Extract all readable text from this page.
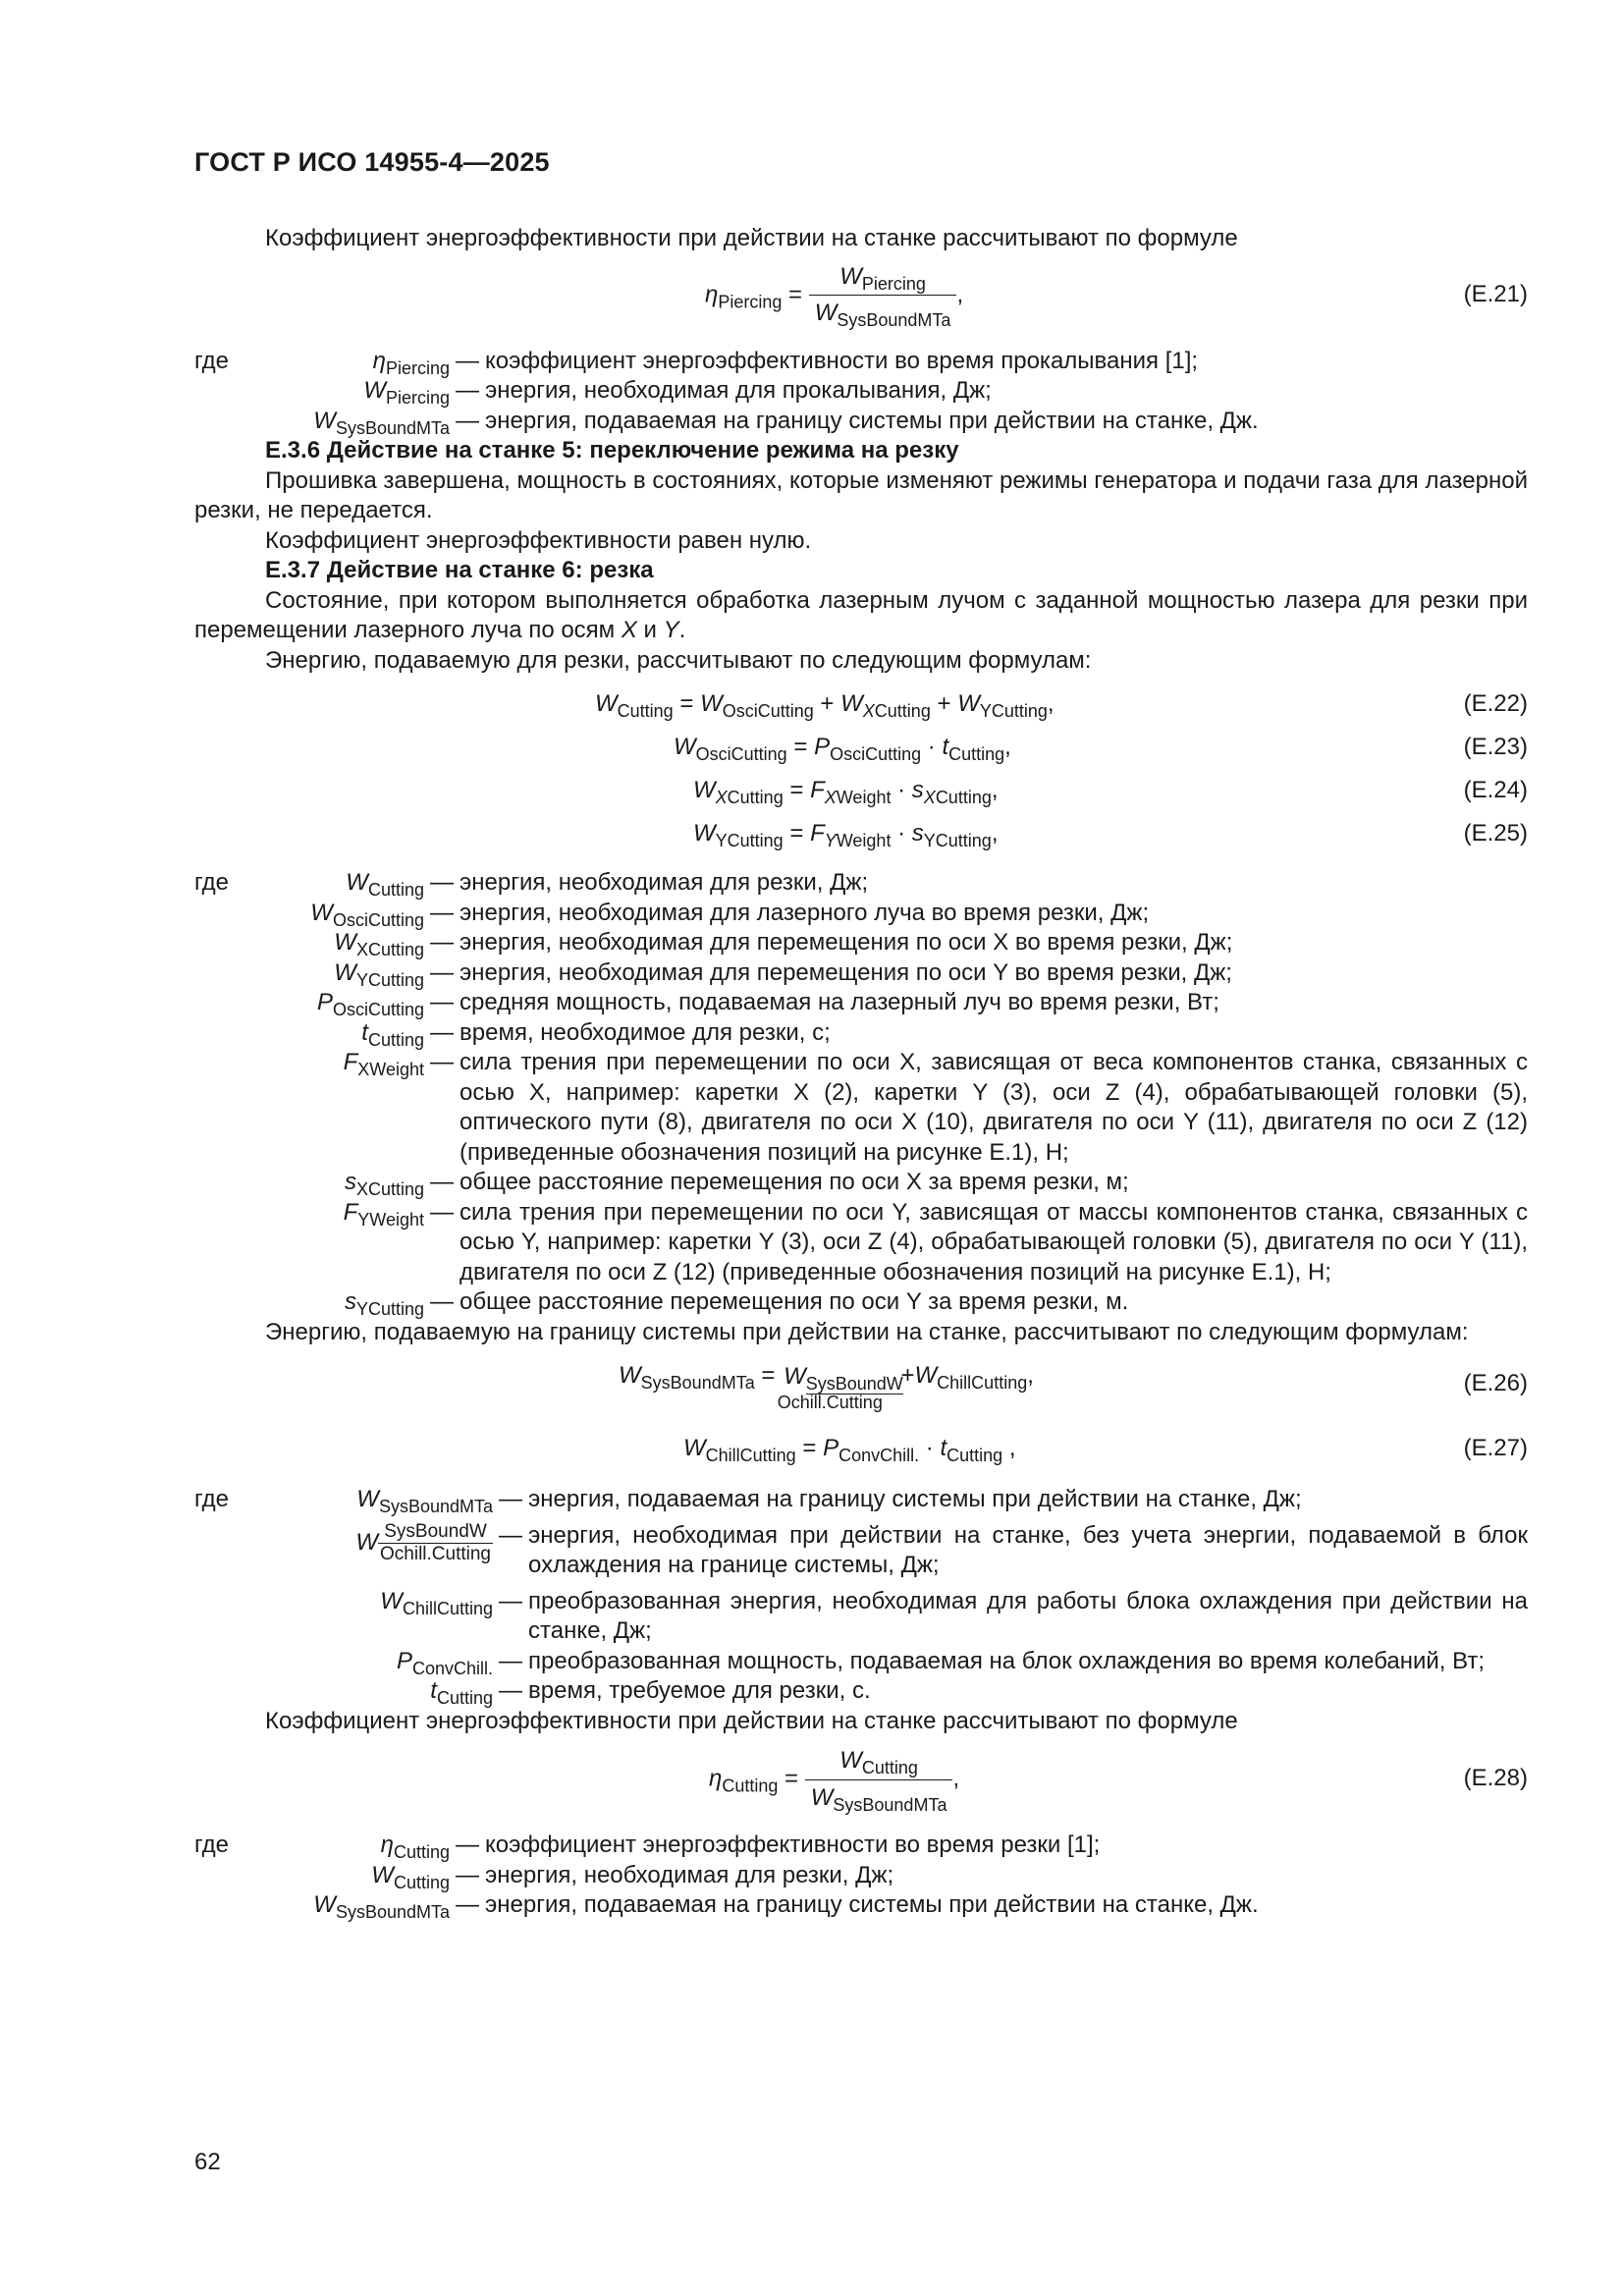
ГОСТ Р ИСО 14955-4—2025

Коэффициент энергоэффективности при действии на станке рассчитывают по формуле

$\eta_{Piercing} = \frac{W_{Piercing}}{W_{SysBoundMTa}}$ ,	(E.21)
где	$\eta_{Piercing}$ — коэффициент энергоэффективности во время прокалывания [1];
$W_{Piercing}$ — энергия, необходимая для прокалывания, Дж;
$W_{SysBoundMTa}$ — энергия, подаваемая на границу системы при действии на станке, Дж.

Е.3.6 Действие на станке 5: переключение режима на резку

Прошивка завершена, мощность в состояниях, которые изменяют режимы генератора и подачи газа для лазерной резки, не передается.

Коэффициент энергоэффективности равен нулю.

Е.3.7 Действие на станке 6: резка

Состояние, при котором выполняется обработка лазерным лучом с заданной мощностью лазера для резки при перемещении лазерного луча по осям X и Y.

Энергию, подаваемую для резки, рассчитывают по следующим формулам:

$W_{Cutting} = W_{OsciCutting} + W_{XCutting} + W_{YCutting}$,	(E.22)
$W_{OsciCutting} = P_{OsciCutting} \cdot t_{Cutting}$,	(E.23)
$W_{XCutting} = F_{XWeight} \cdot s_{XCutting}$,	(E.24)
$W_{YCutting} = F_{YWeight} \cdot s_{YCutting}$,	(E.25)
где	$W_{Cutting}$ — энергия, необходимая для резки, Дж;
$W_{OsciCutting}$ — энергия, необходимая для лазерного луча во время резки, Дж;
$W_{XCutting}$ — энергия, необходимая для перемещения по оси X во время резки, Дж;
$W_{YCutting}$ — энергия, необходимая для перемещения по оси Y во время резки, Дж;
$P_{OsciCutting}$ — средняя мощность, подаваемая на лазерный луч во время резки, Вт;
$t_{Cutting}$ — время, необходимое для резки, с;
$F_{XWeight}$ — сила трения при перемещении по оси X, зависящая от веса компонентов станка, связанных с осью X, например: каретки X (2), каретки Y (3), оси Z (4), обрабатывающей головки (5), оптического пути (8), двигателя по оси X (10), двигателя по оси Y (11), двигателя по оси Z (12) (приведенные обозначения позиций на рисунке Е.1), Н;
$s_{XCutting}$ — общее расстояние перемещения по оси X за время резки, м;
$F_{YWeight}$ — сила трения при перемещении по оси Y, зависящая от массы компонентов станка, связанных с осью Y, например: каретки Y (3), оси Z (4), обрабатывающей головки (5), двигателя по оси Y (11), двигателя по оси Z (12) (приведенные обозначения позиций на рисунке Е.1), Н;
$s_{YCutting}$ — общее расстояние перемещения по оси Y за время резки, м.

Энергию, подаваемую на границу системы при действии на станке, рассчитывают по следующим формулам:

$W_{SysBoundMTa} = W_{SysBoundW}$
$_{Ochill.Cutting} +W_{ChillCutting}$,	(E.26)
$W_{ChillCutting} = P_{ConvChill.} \cdot t_{Cutting}$ ,	(E.27)
где	$W_{SysBoundMTa}$ — энергия, подаваемая на границу системы при действии на станке, Дж;
W SysBoundW
Ochill.Cutting
— энергия, необходимая при действии на станке, без учета энергии, подаваемой в блок охлаждения на границе системы, Дж;
$W_{ChillCutting}$ — преобразованная энергия, необходимая для работы блока охлаждения при действии на станке, Дж;
$P_{ConvChill.}$ — преобразованная мощность, подаваемая на блок охлаждения во время колебаний, Вт;
$t_{Cutting}$ — время, требуемое для резки, с.

Коэффициент энергоэффективности при действии на станке рассчитывают по формуле

$\eta_{Cutting} = \frac{W_{Cutting}}{W_{SysBoundMTa}}$ ,	(E.28)
где	$\eta_{Cutting}$ — коэффициент энергоэффективности во время резки [1];
$W_{Cutting}$ — энергия, необходимая для резки, Дж;
$W_{SysBoundMTa}$ — энергия, подаваемая на границу системы при действии на станке, Дж.
62
